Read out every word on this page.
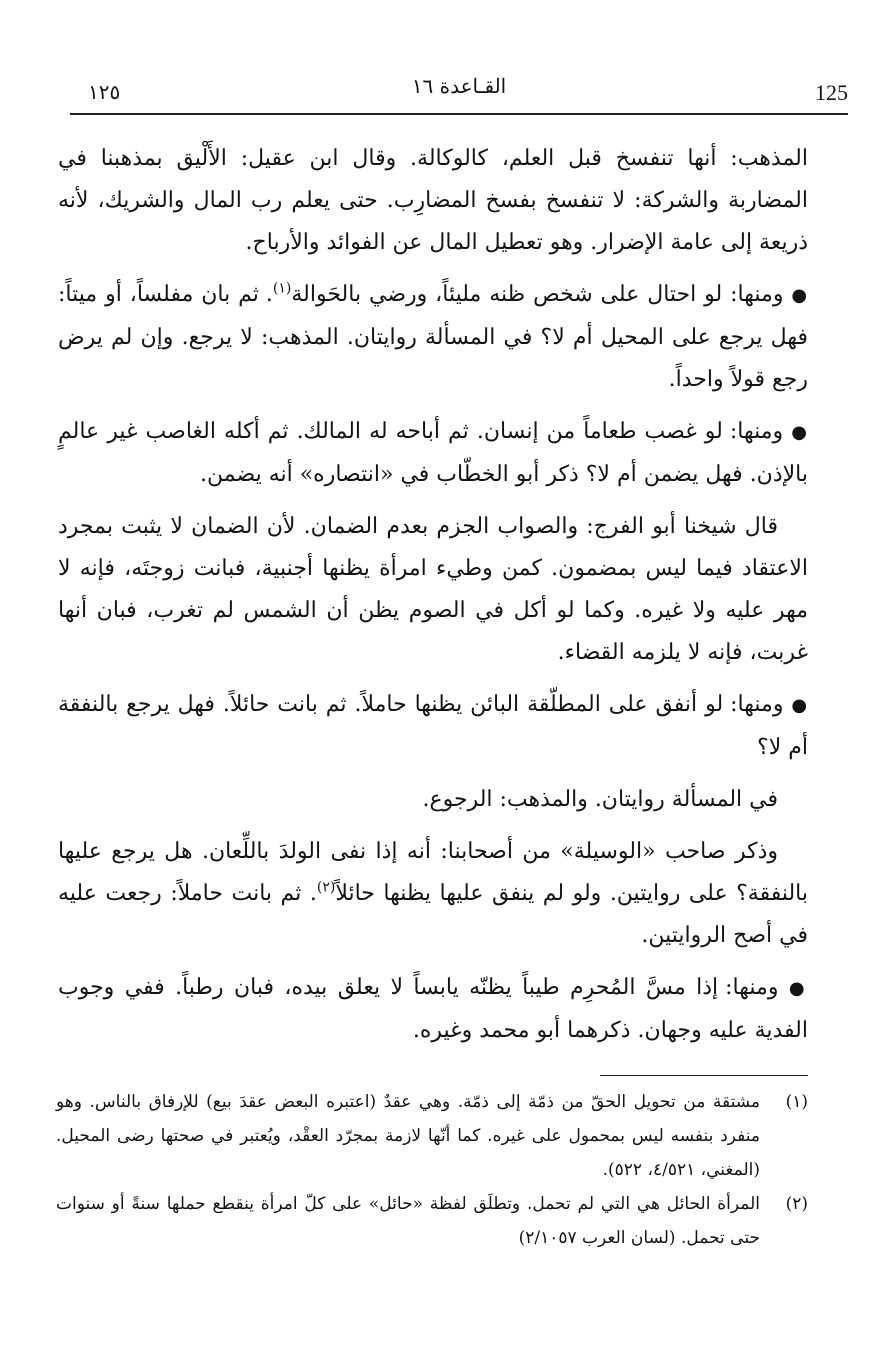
125
القـاعدة ١٦
١٢٥

المذهب: أنها تنفسخ قبل العلم، كالوكالة. وقال ابن عقيل: الأَلْيق بمذهبنا في المضاربة والشركة: لا تنفسخ بفسخ المضارِب. حتى يعلم رب المال والشريك، لأنه ذريعة إلى عامة الإضرار. وهو تعطيل المال عن الفوائد والأرباح.

● ومنها: لو احتال على شخص ظنه مليئاً، ورضي بالحَوالة$^{(١)}$. ثم بان مفلساً، أو ميتاً: فهل يرجع على المحيل أم لا؟ في المسألة روايتان. المذهب: لا يرجع. وإن لم يرض رجع قولاً واحداً.

● ومنها: لو غصب طعاماً من إنسان. ثم أباحه له المالك. ثم أكله الغاصب غير عالمٍ بالإذن. فهل يضمن أم لا؟ ذكر أبو الخطّاب في «انتصاره» أنه يضمن.

قال شيخنا أبو الفرج: والصواب الجزم بعدم الضمان. لأن الضمان لا يثبت بمجرد الاعتقاد فيما ليس بمضمون. كمن وطيء امرأة يظنها أجنبية، فبانت زوجتَه، فإنه لا مهر عليه ولا غيره. وكما لو أكل في الصوم يظن أن الشمس لم تغرب، فبان أنها غربت، فإنه لا يلزمه القضاء.

● ومنها: لو أنفق على المطلّقة البائن يظنها حاملاً. ثم بانت حائلاً. فهل يرجع بالنفقة أم لا؟

في المسألة روايتان. والمذهب: الرجوع.

وذكر صاحب «الوسيلة» من أصحابنا: أنه إذا نفى الولدَ باللِّعان. هل يرجع عليها بالنفقة؟ على روايتين. ولو لم ينفق عليها يظنها حائلاً$^{(٢)}$. ثم بانت حاملاً: رجعت عليه في أصح الروايتين.

● ومنها: إذا مسَّ المُحرِم طيباً يظنّه يابساً لا يعلق بيده، فبان رطباً. ففي وجوب الفدية عليه وجهان. ذكرهما أبو محمد وغيره.

(١)
مشتقة من تحويل الحقّ من ذمّة إلى ذمّة. وهي عقدٌ (اعتبره البعض عقدَ بيع) للإرفاق بالناس. وهو منفرد بنفسه ليس بمحمول على غيره. كما أنّها لازمة بمجرّد العقْد، ويُعتبر في صحتها رضى المحيل. (المغني، ٤/٥٢١، ٥٢٢).
(٢)
المرأة الحائل هي التي لم تحمل. وتطلَق لفظة «حائل» على كلّ امرأة ينقطع حملها سنةً أو سنوات حتى تحمل. (لسان العرب ٢/١٠٥٧)
